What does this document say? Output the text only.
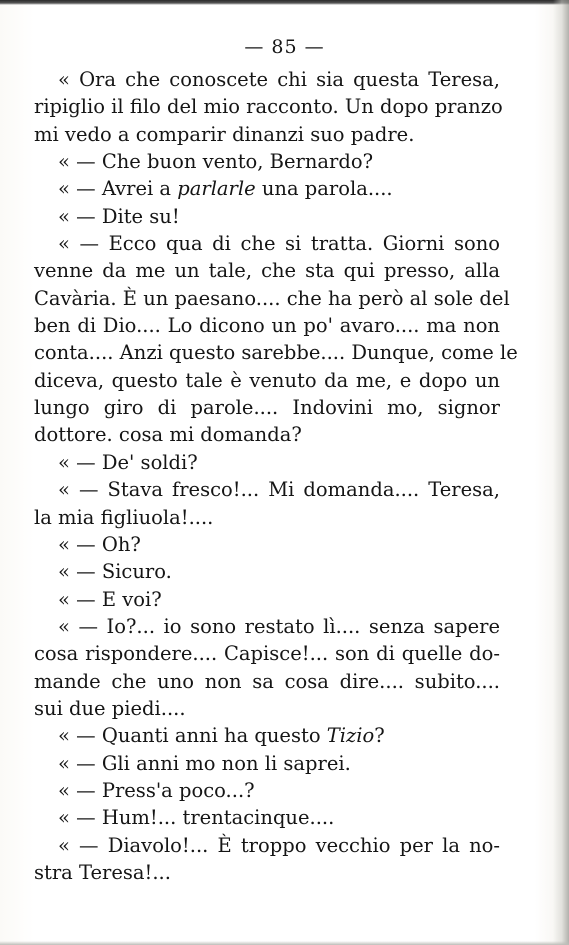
— 85 —
« Ora che conoscete chi sia questa Teresa,
ripiglio il filo del mio racconto. Un dopo pranzo
mi vedo a comparir dinanzi suo padre.
« — Che buon vento, Bernardo?
« — Avrei a parlarle una parola....
« — Dite su!
« — Ecco qua di che si tratta. Giorni sono
venne da me un tale, che sta qui presso, alla
Cavària. È un paesano.... che ha però al sole del
ben di Dio.... Lo dicono un po' avaro.... ma non
conta.... Anzi questo sarebbe.... Dunque, come le
diceva, questo tale è venuto da me, e dopo un
lungo giro di parole.... Indovini mo, signor
dottore. cosa mi domanda?
« — De' soldi?
« — Stava fresco!... Mi domanda.... Teresa,
la mia figliuola!....
« — Oh?
« — Sicuro.
« — E voi?
« — Io?... io sono restato lì.... senza sapere
cosa rispondere.... Capisce!... son di quelle do-
mande che uno non sa cosa dire.... subito....
sui due piedi....
« — Quanti anni ha questo Tizio?
« — Gli anni mo non li saprei.
« — Press'a poco...?
« — Hum!... trentacinque....
« — Diavolo!... È troppo vecchio per la no-
stra Teresa!...
